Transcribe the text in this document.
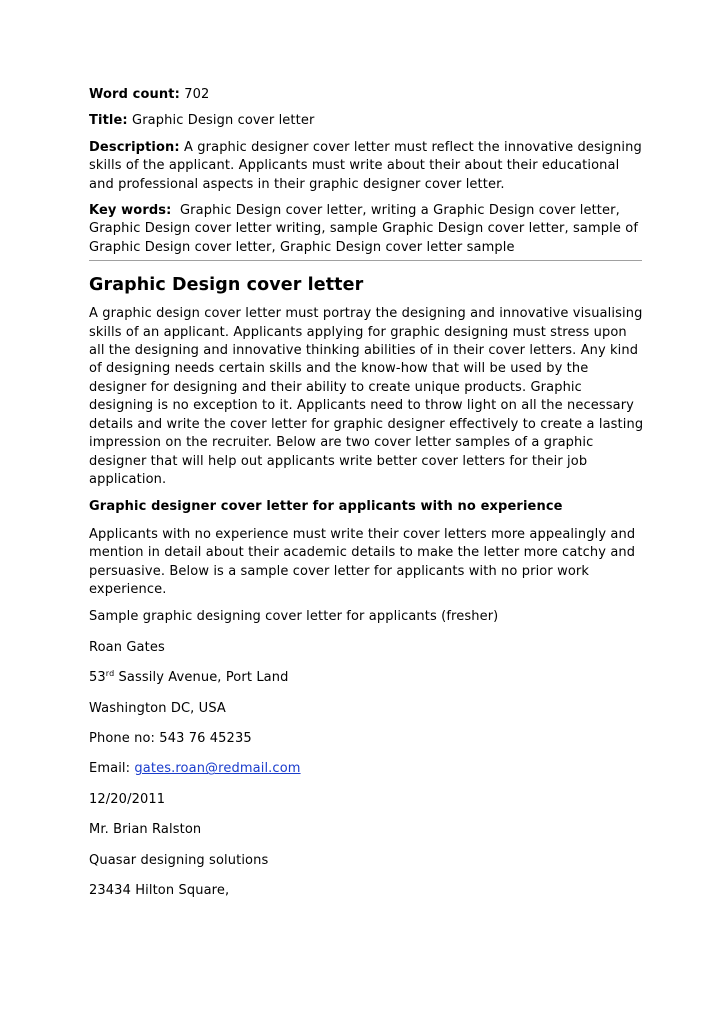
Word count: 702
Title: Graphic Design cover letter
Description: A graphic designer cover letter must reflect the innovative designing skills of the applicant. Applicants must write about their about their educational and professional aspects in their graphic designer cover letter.
Key words: Graphic Design cover letter, writing a Graphic Design cover letter, Graphic Design cover letter writing, sample Graphic Design cover letter, sample of Graphic Design cover letter, Graphic Design cover letter sample
Graphic Design cover letter

A graphic design cover letter must portray the designing and innovative visualising skills of an applicant. Applicants applying for graphic designing must stress upon all the designing and innovative thinking abilities of in their cover letters. Any kind of designing needs certain skills and the know-how that will be used by the designer for designing and their ability to create unique products. Graphic designing is no exception to it. Applicants need to throw light on all the necessary details and write the cover letter for graphic designer effectively to create a lasting impression on the recruiter. Below are two cover letter samples of a graphic designer that will help out applicants write better cover letters for their job application.

Graphic designer cover letter for applicants with no experience

Applicants with no experience must write their cover letters more appealingly and mention in detail about their academic details to make the letter more catchy and persuasive. Below is a sample cover letter for applicants with no prior work experience.

Sample graphic designing cover letter for applicants (fresher)

Roan Gates

53rd Sassily Avenue, Port Land

Washington DC, USA

Phone no: 543 76 45235

Email: gates.roan@redmail.com

12/20/2011

Mr. Brian Ralston

Quasar designing solutions

23434 Hilton Square,
